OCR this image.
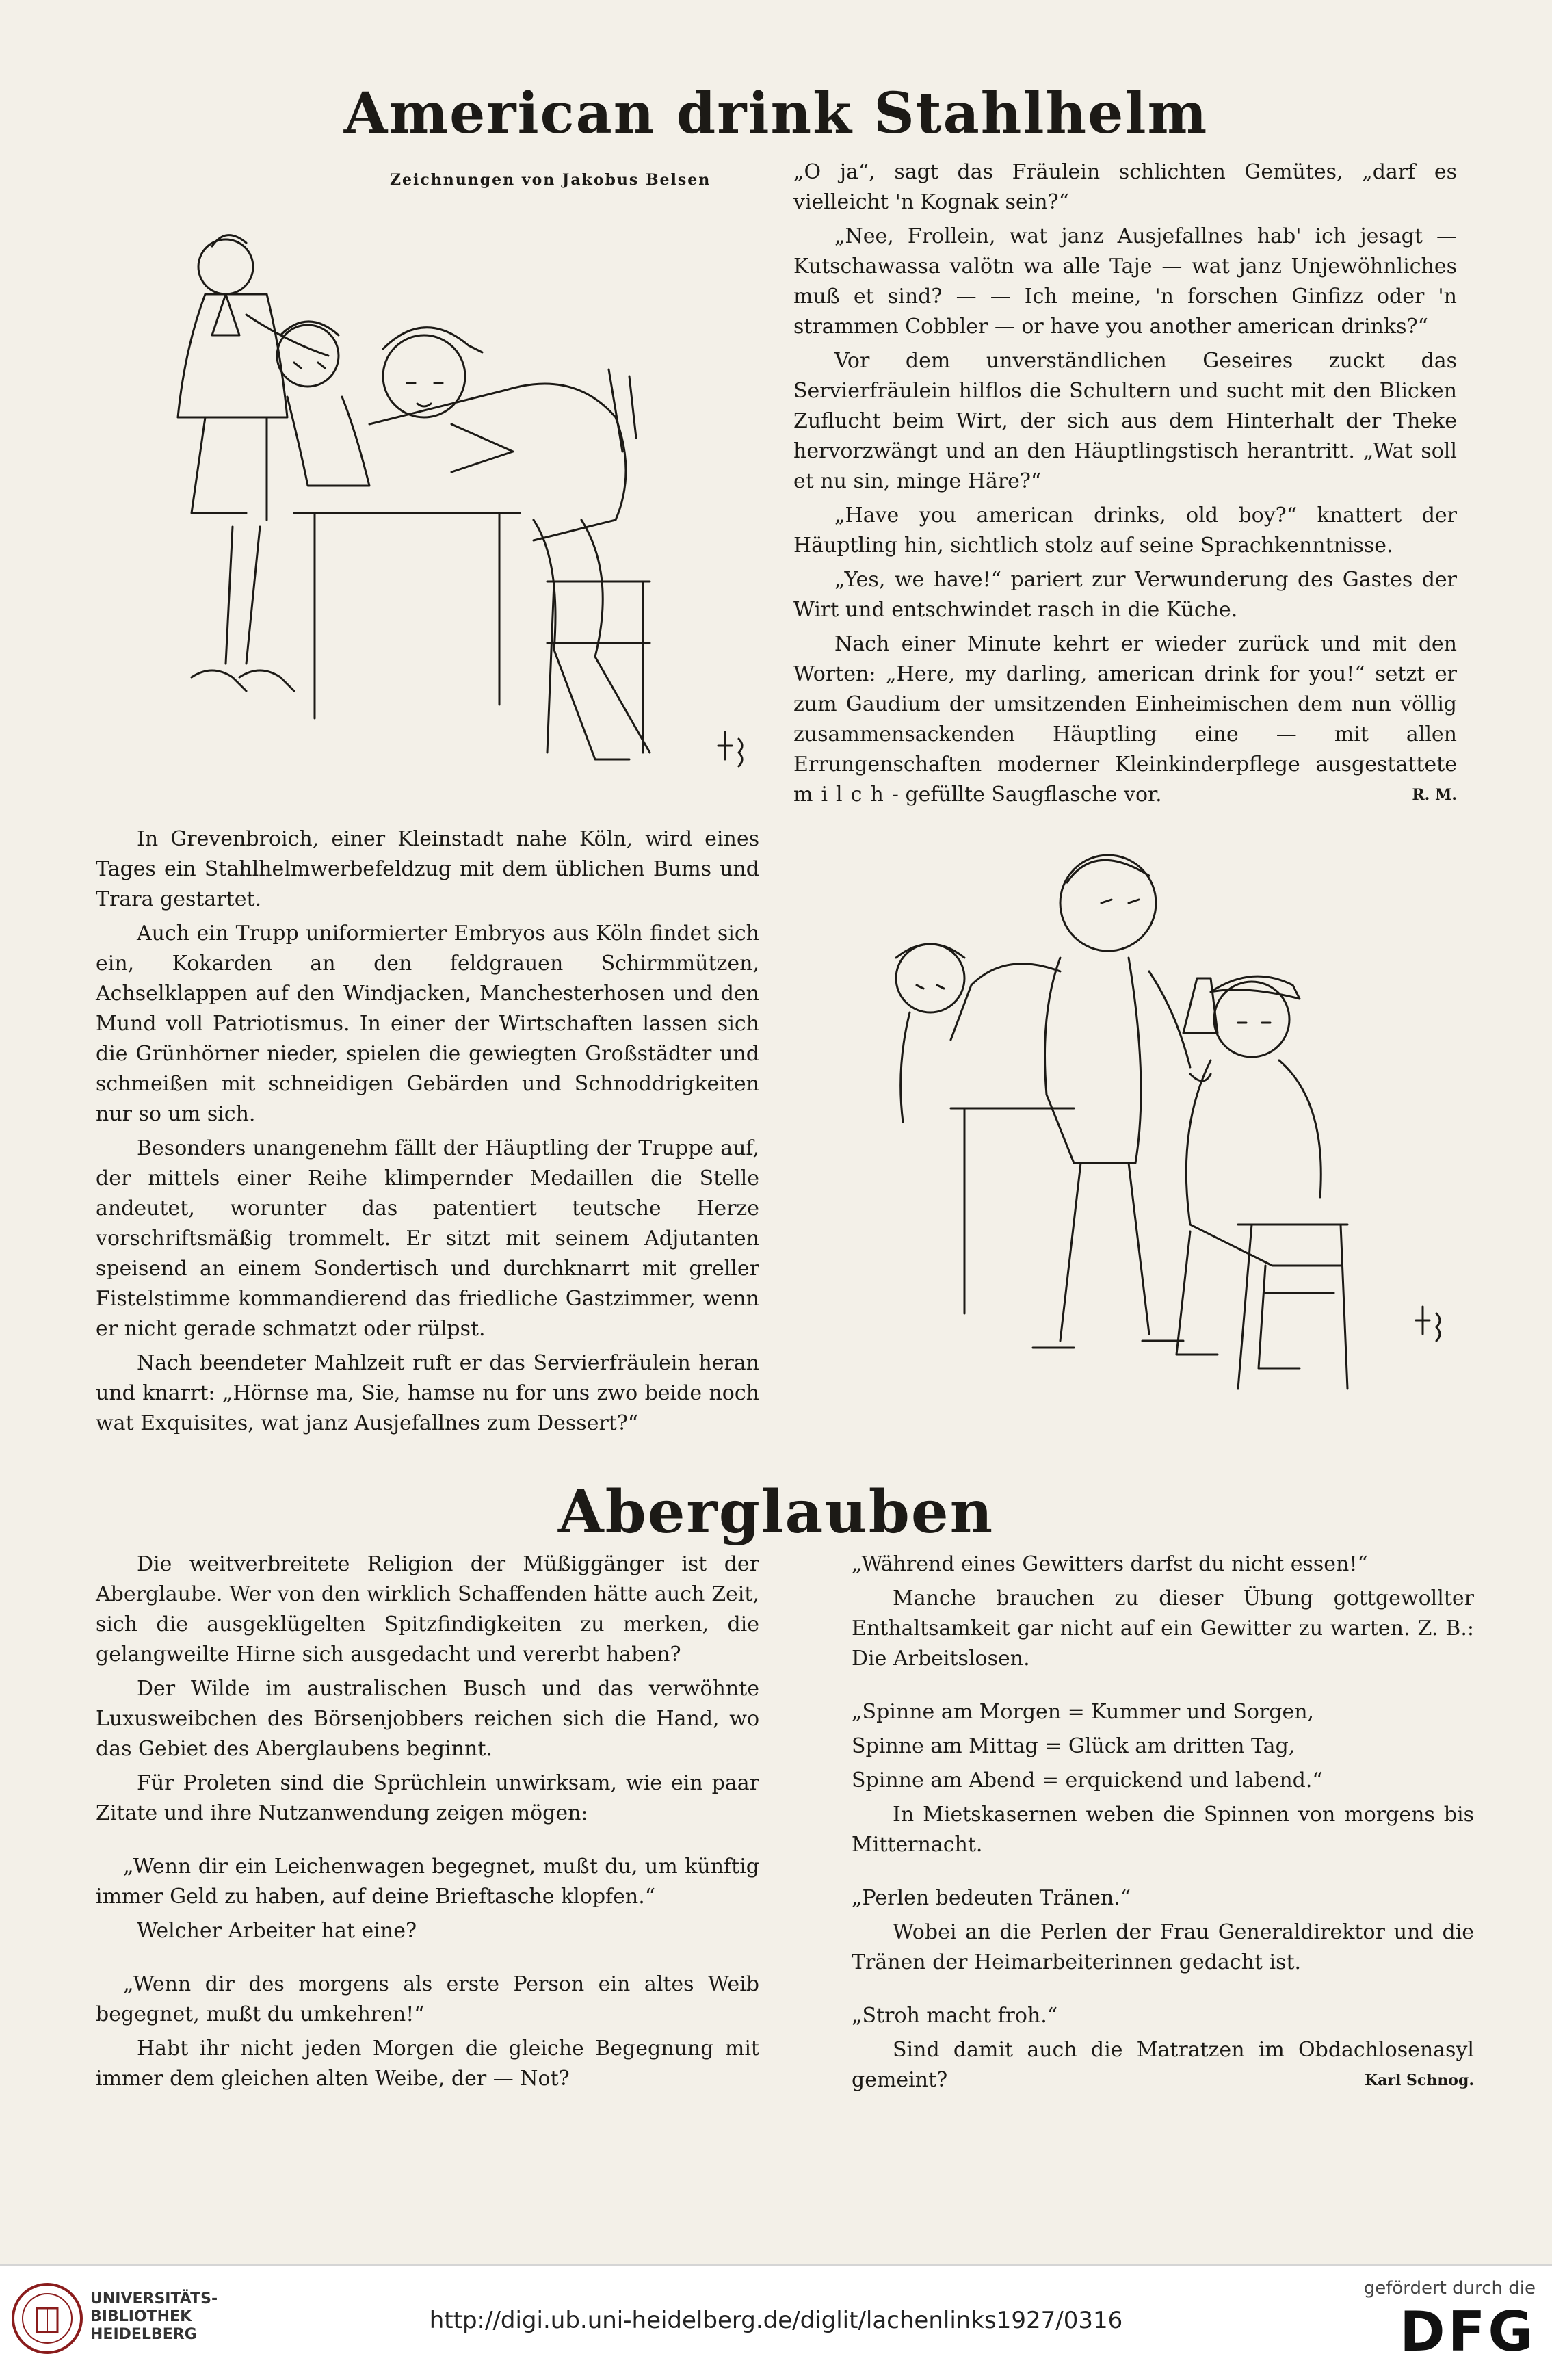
American drink Stahlhelm
Zeichnungen von Jakobus Belsen	„O ja“, sagt das Fräulein schlichten Gemütes, „darf es vielleicht 'n Kognak sein?“

„Nee, Frollein, wat janz Ausjefallnes hab' ich jesagt — Kutschawassa valötn wa alle Taje — wat janz Unjewöhnliches muß et sind? — — Ich meine, 'n forschen Ginfizz oder 'n strammen Cobbler — or have you another american drinks?“

Vor dem unverständlichen Geseires zuckt das Servierfräulein hilflos die Schultern und sucht mit den Blicken Zuflucht beim Wirt, der sich aus dem Hinterhalt der Theke hervorzwängt und an den Häuptlingstisch herantritt. „Wat soll et nu sin, minge Häre?“

„Have you american drinks, old boy?“ knattert der Häuptling hin, sichtlich stolz auf seine Sprachkenntnisse.

„Yes, we have!“ pariert zur Verwunderung des Gastes der Wirt und entschwindet rasch in die Küche.

Nach einer Minute kehrt er wieder zurück und mit den Worten: „Here, my darling, american drink for you!“ setzt er zum Gaudium der umsitzenden Einheimischen dem nun völlig zusammensackenden Häuptling eine — mit allen Errungenschaften moderner Kleinkinderpflege ausgestattete milch- gefüllte Saugflasche vor.	R. M.

In Grevenbroich, einer Kleinstadt nahe Köln, wird eines Tages ein Stahlhelmwerbefeldzug mit dem üblichen Bums und Trara gestartet.

Auch ein Trupp uniformierter Embryos aus Köln findet sich ein, Kokarden an den feldgrauen Schirmmützen, Achselklappen auf den Windjacken, Manchesterhosen und den Mund voll Patriotismus. In einer der Wirtschaften lassen sich die Grünhörner nieder, spielen die gewiegten Großstädter und schmeißen mit schneidigen Gebärden und Schnoddrigkeiten nur so um sich.

Besonders unangenehm fällt der Häuptling der Truppe auf, der mittels einer Reihe klimpernder Medaillen die Stelle andeutet, worunter das patentiert teutsche Herze vorschriftsmäßig trommelt. Er sitzt mit seinem Adjutanten speisend an einem Sondertisch und durchknarrt mit greller Fistelstimme kommandierend das friedliche Gastzimmer, wenn er nicht gerade schmatzt oder rülpst.

Nach beendeter Mahlzeit ruft er das Servierfräulein heran und knarrt: „Hörnse ma, Sie, hamse nu for uns zwo beide noch wat Exquisites, wat janz Ausjefallnes zum Dessert?“

Aberglauben

Die weitverbreitete Religion der Müßiggänger ist der Aberglaube. Wer von den wirklich Schaffenden hätte auch Zeit, sich die ausgeklügelten Spitzfindigkeiten zu merken, die gelangweilte Hirne sich ausgedacht und vererbt haben?

Der Wilde im australischen Busch und das verwöhnte Luxusweibchen des Börsenjobbers reichen sich die Hand, wo das Gebiet des Aberglaubens beginnt.

Für Proleten sind die Sprüchlein unwirksam, wie ein paar Zitate und ihre Nutzanwendung zeigen mögen:

„Wenn dir ein Leichenwagen begegnet, mußt du, um künftig immer Geld zu haben, auf deine Brieftasche klopfen.“

Welcher Arbeiter hat eine?

„Wenn dir des morgens als erste Person ein altes Weib begegnet, mußt du umkehren!“

Habt ihr nicht jeden Morgen die gleiche Begegnung mit immer dem gleichen alten Weibe, der — Not?

„Während eines Gewitters darfst du nicht essen!“

Manche brauchen zu dieser Übung gottgewollter Enthaltsamkeit gar nicht auf ein Gewitter zu warten. Z. B.: Die Arbeitslosen.

„Spinne am Morgen = Kummer und Sorgen,

Spinne am Mittag = Glück am dritten Tag,

Spinne am Abend = erquickend und labend.“

In Mietskasernen weben die Spinnen von morgens bis Mitternacht.

„Perlen bedeuten Tränen.“

Wobei an die Perlen der Frau Generaldirektor und die Tränen der Heimarbeiterinnen gedacht ist.

„Stroh macht froh.“

Sind damit auch die Matratzen im Obdachlosenasyl gemeint?	Karl Schnog.

UNIVERSITÄTS-
BIBLIOTHEK
HEIDELBERG
http://digi.ub.uni-heidelberg.de/diglit/lachenlinks1927/0316
gefördert durch die
DFG
